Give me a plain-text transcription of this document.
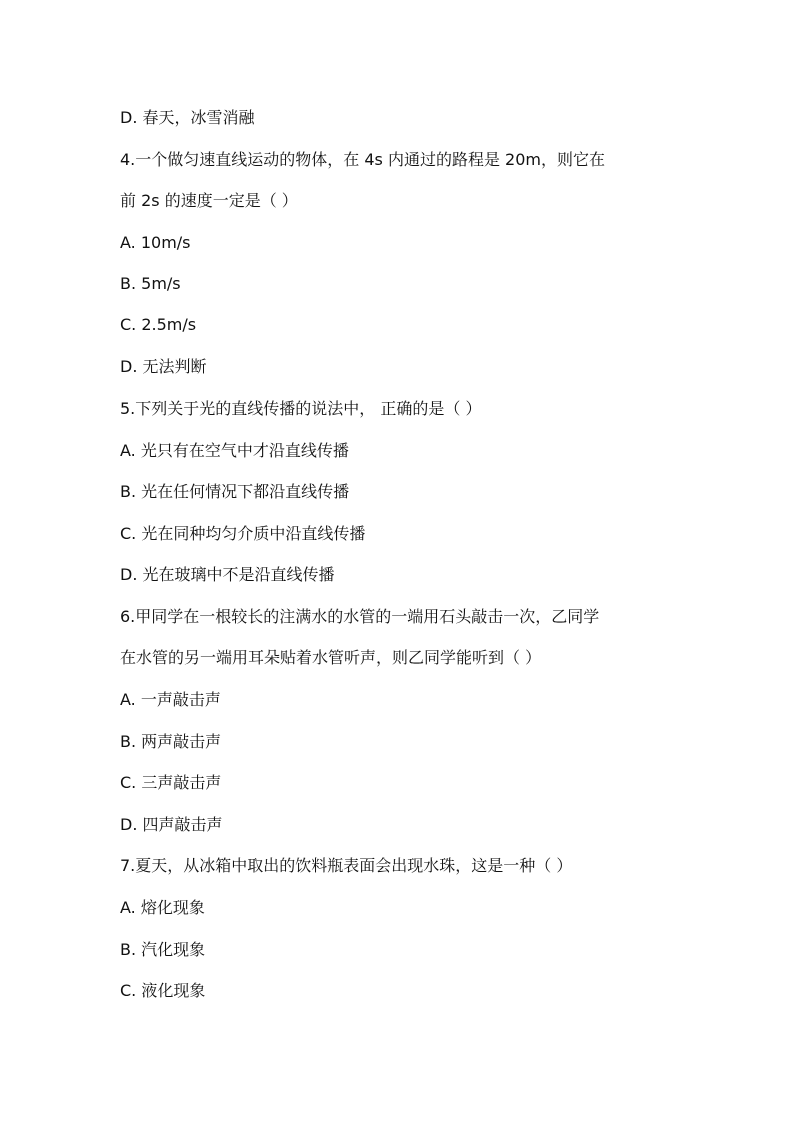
D. 春天，冰雪消融
4.一个做匀速直线运动的物体，在 4s 内通过的路程是 20m，则它在
前 2s 的速度一定是（ ）
A. 10m/s
B. 5m/s
C. 2.5m/s
D. 无法判断
5.下列关于光的直线传播的说法中， 正确的是（ ）
A. 光只有在空气中才沿直线传播
B. 光在任何情况下都沿直线传播
C. 光在同种均匀介质中沿直线传播
D. 光在玻璃中不是沿直线传播
6.甲同学在一根较长的注满水的水管的一端用石头敲击一次，乙同学
在水管的另一端用耳朵贴着水管听声，则乙同学能听到（ ）
A. 一声敲击声
B. 两声敲击声
C. 三声敲击声
D. 四声敲击声
7.夏天，从冰箱中取出的饮料瓶表面会出现水珠，这是一种（ ）
A. 熔化现象
B. 汽化现象
C. 液化现象
